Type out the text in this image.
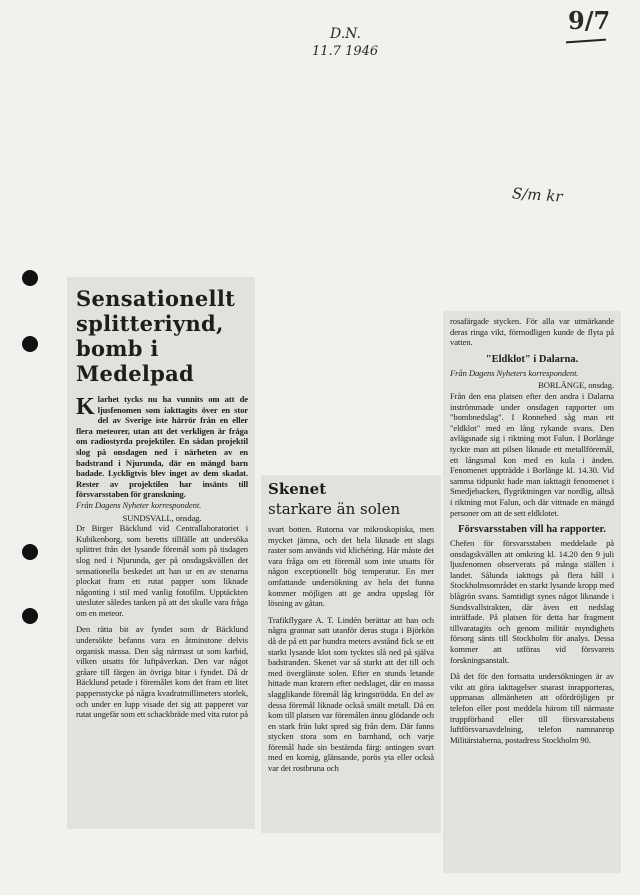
D.N.
11.7 1946
9/7
S/m kr
Sensationellt
splitteriynd,
bomb i Medelpad

Klarhet tycks nu ha vunnits om att de ljusfenomen som iakttagits över en stor del av Sverige iste härrör från en eller flera meteorer, utan att det verkligen är fråga om radiostyrda projektiler. En sådan projektil slog på onsdagen ned i närheten av en badstrand i Njurunda, där en mängd barn badade. Lyckligtvis blev inget av dem skadat. Rester av projektilen har insänts till försvarsstaben för granskning.

Från Dagens Nyheter korrespondent.

SUNDSVALL, onsdag.
Dr Birger Bäcklund vid Centrallaboratoriet i Kubikenborg, som beretts tillfälle att undersöka splittret från det lysande föremål som på tisdagen slog ned i Njurunda, ger på onsdagskvällen det sensationella beskedet att han ur en av stenarna plockat fram ett rutat papper som liknade någonting i stil med vanlig fotofilm. Upptäckten utesluter således tanken på att det skulle vara fråga om en meteor.

Den rätta bit av fyndet som dr Bäcklund undersökte befanns vara en åtminstone delvis organisk massa. Den såg närmast ut som karbid, vilken utsatts för luftpåverkan. Den var något gråare till färgen än övriga bitar i fyndet. Då dr Bäcklund petade i föremålet kom det fram ett litet pappersstycke på några kvadratmillimeters storlek, och under en lupp visade det sig att papperet var rutat ungefär som ett schackbräde med vita rutor på

Skenet
starkare än solen

svart botten. Rutorna var mikroskopiska, men mycket jämna, och det hela liknade ett slags raster som används vid klichéring. Här måste det vara fråga om ett föremål som inte utsatts för någon exceptionellt hög temperatur. En mer omfattande undersökning av hela det funna kommer möjligen att ge andra uppslag för lösning av gåtan.

Trafikflygare A. T. Lindén berättar att han och några grannar satt utanför deras stuga i Björkön då de på ett par hundra meters avstånd fick se ett starkt lysande klot som tycktes slå ned på själva badstranden. Skenet var så starkt att det till och med överglänste solen. Efter en stunds letande hittade man kratern efter nedslaget, där en massa slagglikande föremål låg kringströdda. En del av dessa föremål liknade också smält metall. Då en kom till platsen var föremålen ännu glödande och en stark frän lukt spred sig från dem. Där fanns stycken stora som en barnhand, och varje föremål hade sin bestämda färg: antingen svart med en kornig, glänsande, porös yta eller också var det rostbruna och

rosafärgade stycken. För alla var utmärkande deras ringa vikt, förmodligen kunde de flyta på vatten.

"Eldklot" i Dalarna.

Från Dagens Nyheters korrespondent.

BORLÄNGE, onsdag.
Från den ena platsen efter den andra i Dalarna inströmmade under onsdagen rapporter om "bombnedslag". I Ronnehed såg man ett "eldklot" med en lång rykande svans. Den avlägsnade sig i riktning mot Falun. I Borlänge tyckte man att pilsen liknade ett metallföremål, ett långsmal kon med en kula i änden. Fenomenet uppträdde i Borlänge kl. 14.30. Vid samma tidpunkt hade man iakttagit fenomenet i Smedjebacken, flygriktningen var nordlig, alltså i riktning mot Falun, och där vittnade en mängd personer om att de sett eldklotet.

Försvarsstaben vill ha rapporter.

Chefen för försvarsstaben meddelade på onsdagskvällen att omkring kl. 14.20 den 9 juli ljusfenomen observerats på många ställen i landet. Sålunda iakttogs på flera håll i Stockholmsområdet en starkt lysande kropp med blågrön svans. Samtidigt synes något liknande i Sundsvallstrakten, där även ett nedslag inträffade. På platsen för detta har fragment tillvaratagits och genom militär myndighets försorg sänts till Stockholm för analys. Dessa kommer att utföras vid försvarets forskningsanstalt.

Då det för den fortsatta undersökningen är av vikt att göra iakttagelser snarast inrapporteras, uppmanas allmänheten att ofördröjligen pr telefon eller post meddela härom till närmaste truppförband eller till försvarsstabens luftförsvarsavdelning, telefon namnanrop Militärstaberna, postadress Stockholm 90.
